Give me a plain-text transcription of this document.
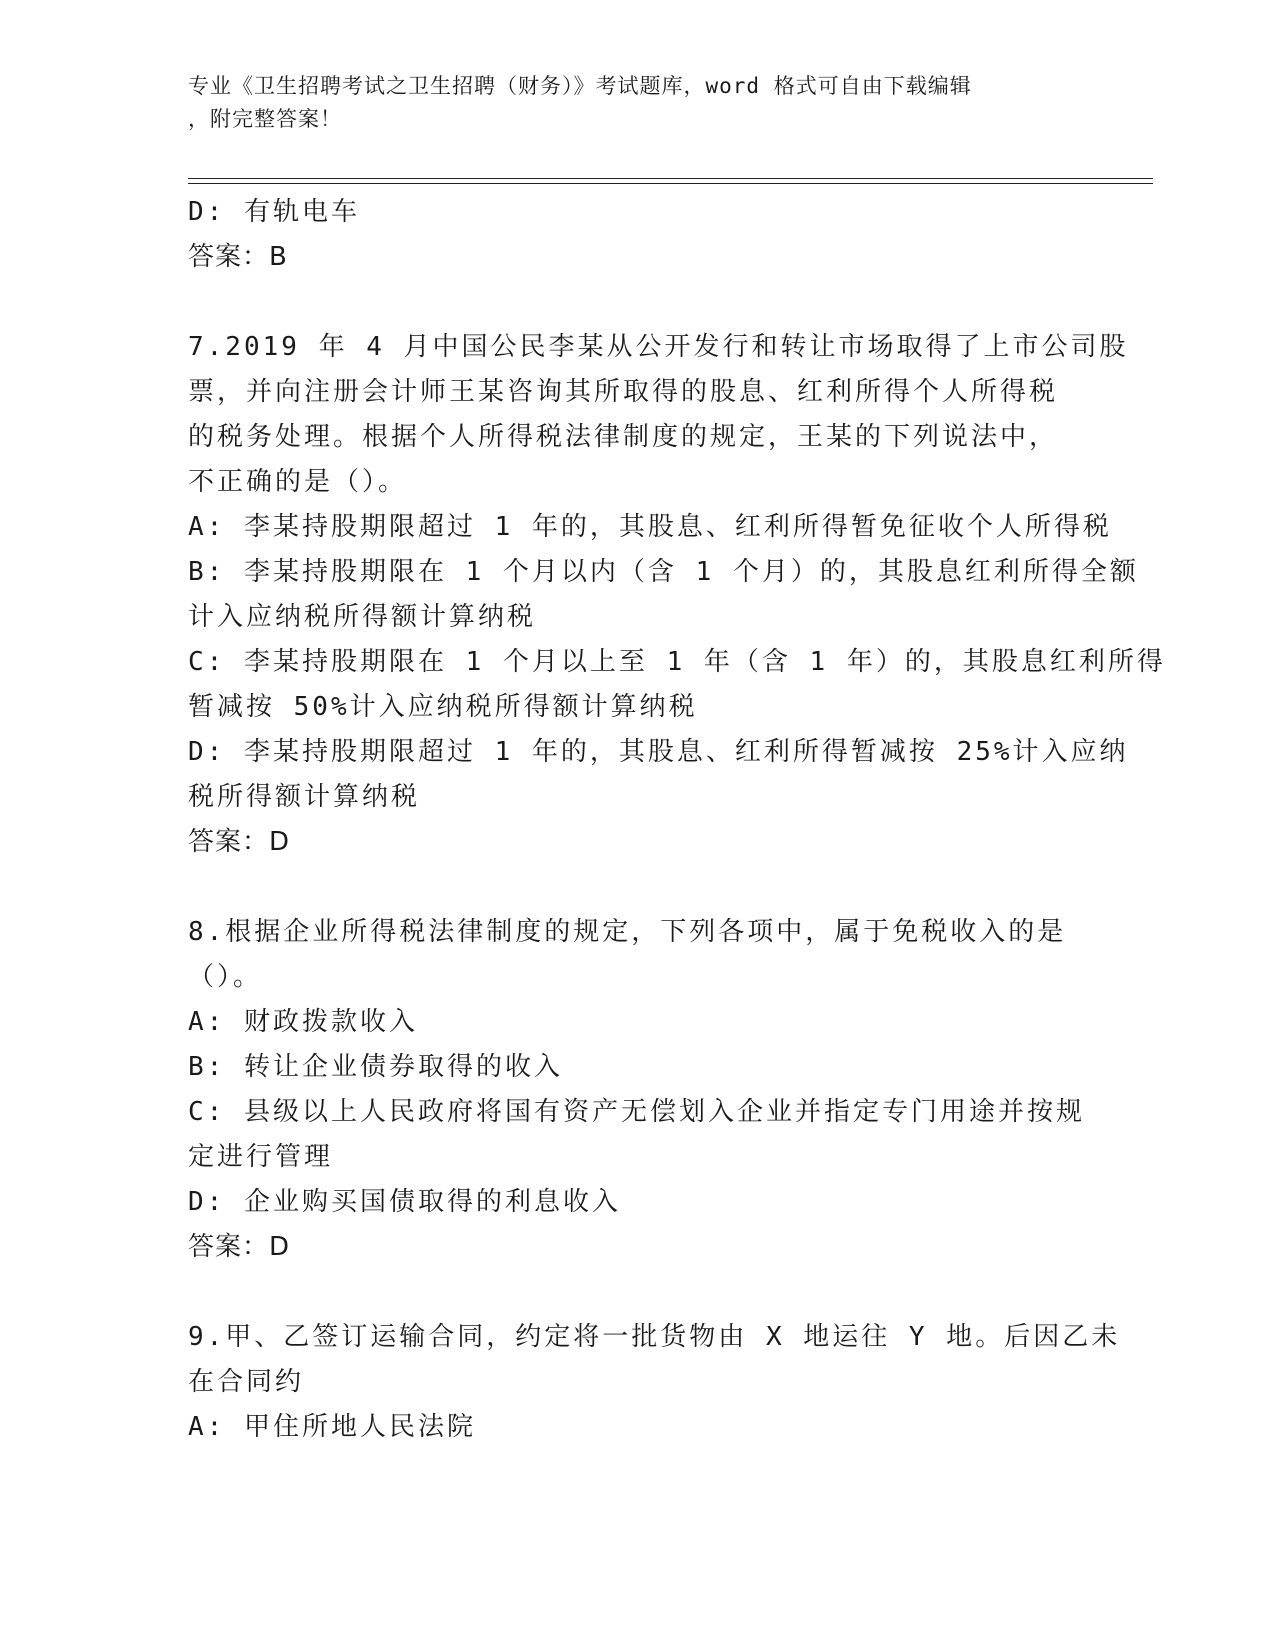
专业《卫生招聘考试之卫生招聘（财务）》考试题库，word 格式可自由下载编辑
，附完整答案！
D: 有轨电车
答案：B
7.2019 年 4 月中国公民李某从公开发行和转让市场取得了上市公司股
票，并向注册会计师王某咨询其所取得的股息、红利所得个人所得税
的税务处理。根据个人所得税法律制度的规定，王某的下列说法中，
不正确的是（）。
A: 李某持股期限超过 1 年的，其股息、红利所得暂免征收个人所得税
B: 李某持股期限在 1 个月以内（含 1 个月）的，其股息红利所得全额
计入应纳税所得额计算纳税
C: 李某持股期限在 1 个月以上至 1 年（含 1 年）的，其股息红利所得
暂减按 50%计入应纳税所得额计算纳税
D: 李某持股期限超过 1 年的，其股息、红利所得暂减按 25%计入应纳
税所得额计算纳税
答案：D
8.根据企业所得税法律制度的规定，下列各项中，属于免税收入的是
（）。
A: 财政拨款收入
B: 转让企业债券取得的收入
C: 县级以上人民政府将国有资产无偿划入企业并指定专门用途并按规
定进行管理
D: 企业购买国债取得的利息收入
答案：D
9.甲、乙签订运输合同，约定将一批货物由 X 地运往 Y 地。后因乙未
在合同约
A: 甲住所地人民法院
